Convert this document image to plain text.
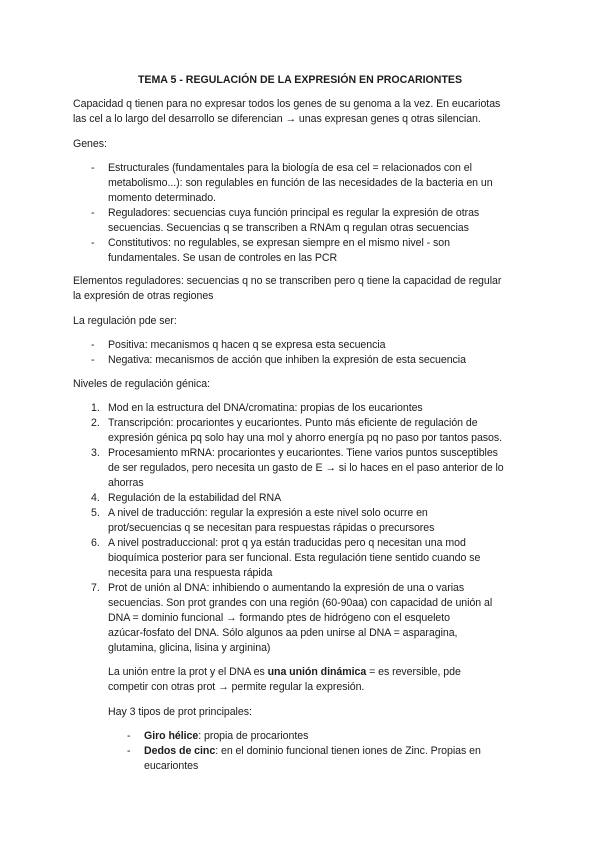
TEMA 5 - REGULACIÓN DE LA EXPRESIÓN EN PROCARIONTES
Capacidad q tienen para no expresar todos los genes de su genoma a la vez. En eucariotas
las cel a lo largo del desarrollo se diferencian → unas expresan genes q otras silencian.
Genes:
- Estructurales (fundamentales para la biología de esa cel = relacionados con el
metabolismo...): son regulables en función de las necesidades de la bacteria en un
momento determinado.
- Reguladores: secuencias cuya función principal es regular la expresión de otras
secuencias. Secuencias q se transcriben a RNAm q regulan otras secuencias
- Constitutivos: no regulables, se expresan siempre en el mismo nivel - son
fundamentales. Se usan de controles en las PCR
Elementos reguladores: secuencias q no se transcriben pero q tiene la capacidad de regular
la expresión de otras regiones
La regulación pde ser:
- Positiva: mecanismos q hacen q se expresa esta secuencia
- Negativa: mecanismos de acción que inhiben la expresión de esta secuencia
Niveles de regulación génica:
1. Mod en la estructura del DNA/cromatina: propias de los eucariontes
2. Transcripción: procariontes y eucariontes. Punto más eficiente de regulación de
expresión génica pq solo hay una mol y ahorro energía pq no paso por tantos pasos.
3. Procesamiento mRNA: procariontes y eucariontes. Tiene varios puntos susceptibles
de ser regulados, pero necesita un gasto de E → si lo haces en el paso anterior de lo
ahorras
4. Regulación de la estabilidad del RNA
5. A nivel de traducción: regular la expresión a este nivel solo ocurre en
prot/secuencias q se necesitan para respuestas rápidas o precursores
6. A nivel postraduccional: prot q ya están traducidas pero q necesitan una mod
bioquímica posterior para ser funcional. Esta regulación tiene sentido cuando se
necesita para una respuesta rápida
7. Prot de unión al DNA: inhibiendo o aumentando la expresión de una o varias
secuencias. Son prot grandes con una región (60-90aa) con capacidad de unión al
DNA = dominio funcional → formando ptes de hidrógeno con el esqueleto
azúcar-fosfato del DNA. Sólo algunos aa pden unirse al DNA = asparagina,
glutamina, glicina, lisina y arginina)
La unión entre la prot y el DNA es una unión dinámica = es reversible, pde
competir con otras prot → permite regular la expresión.
Hay 3 tipos de prot principales:
- Giro hélice: propia de procariontes
- Dedos de cinc: en el dominio funcional tienen iones de Zinc. Propias en
eucariontes
